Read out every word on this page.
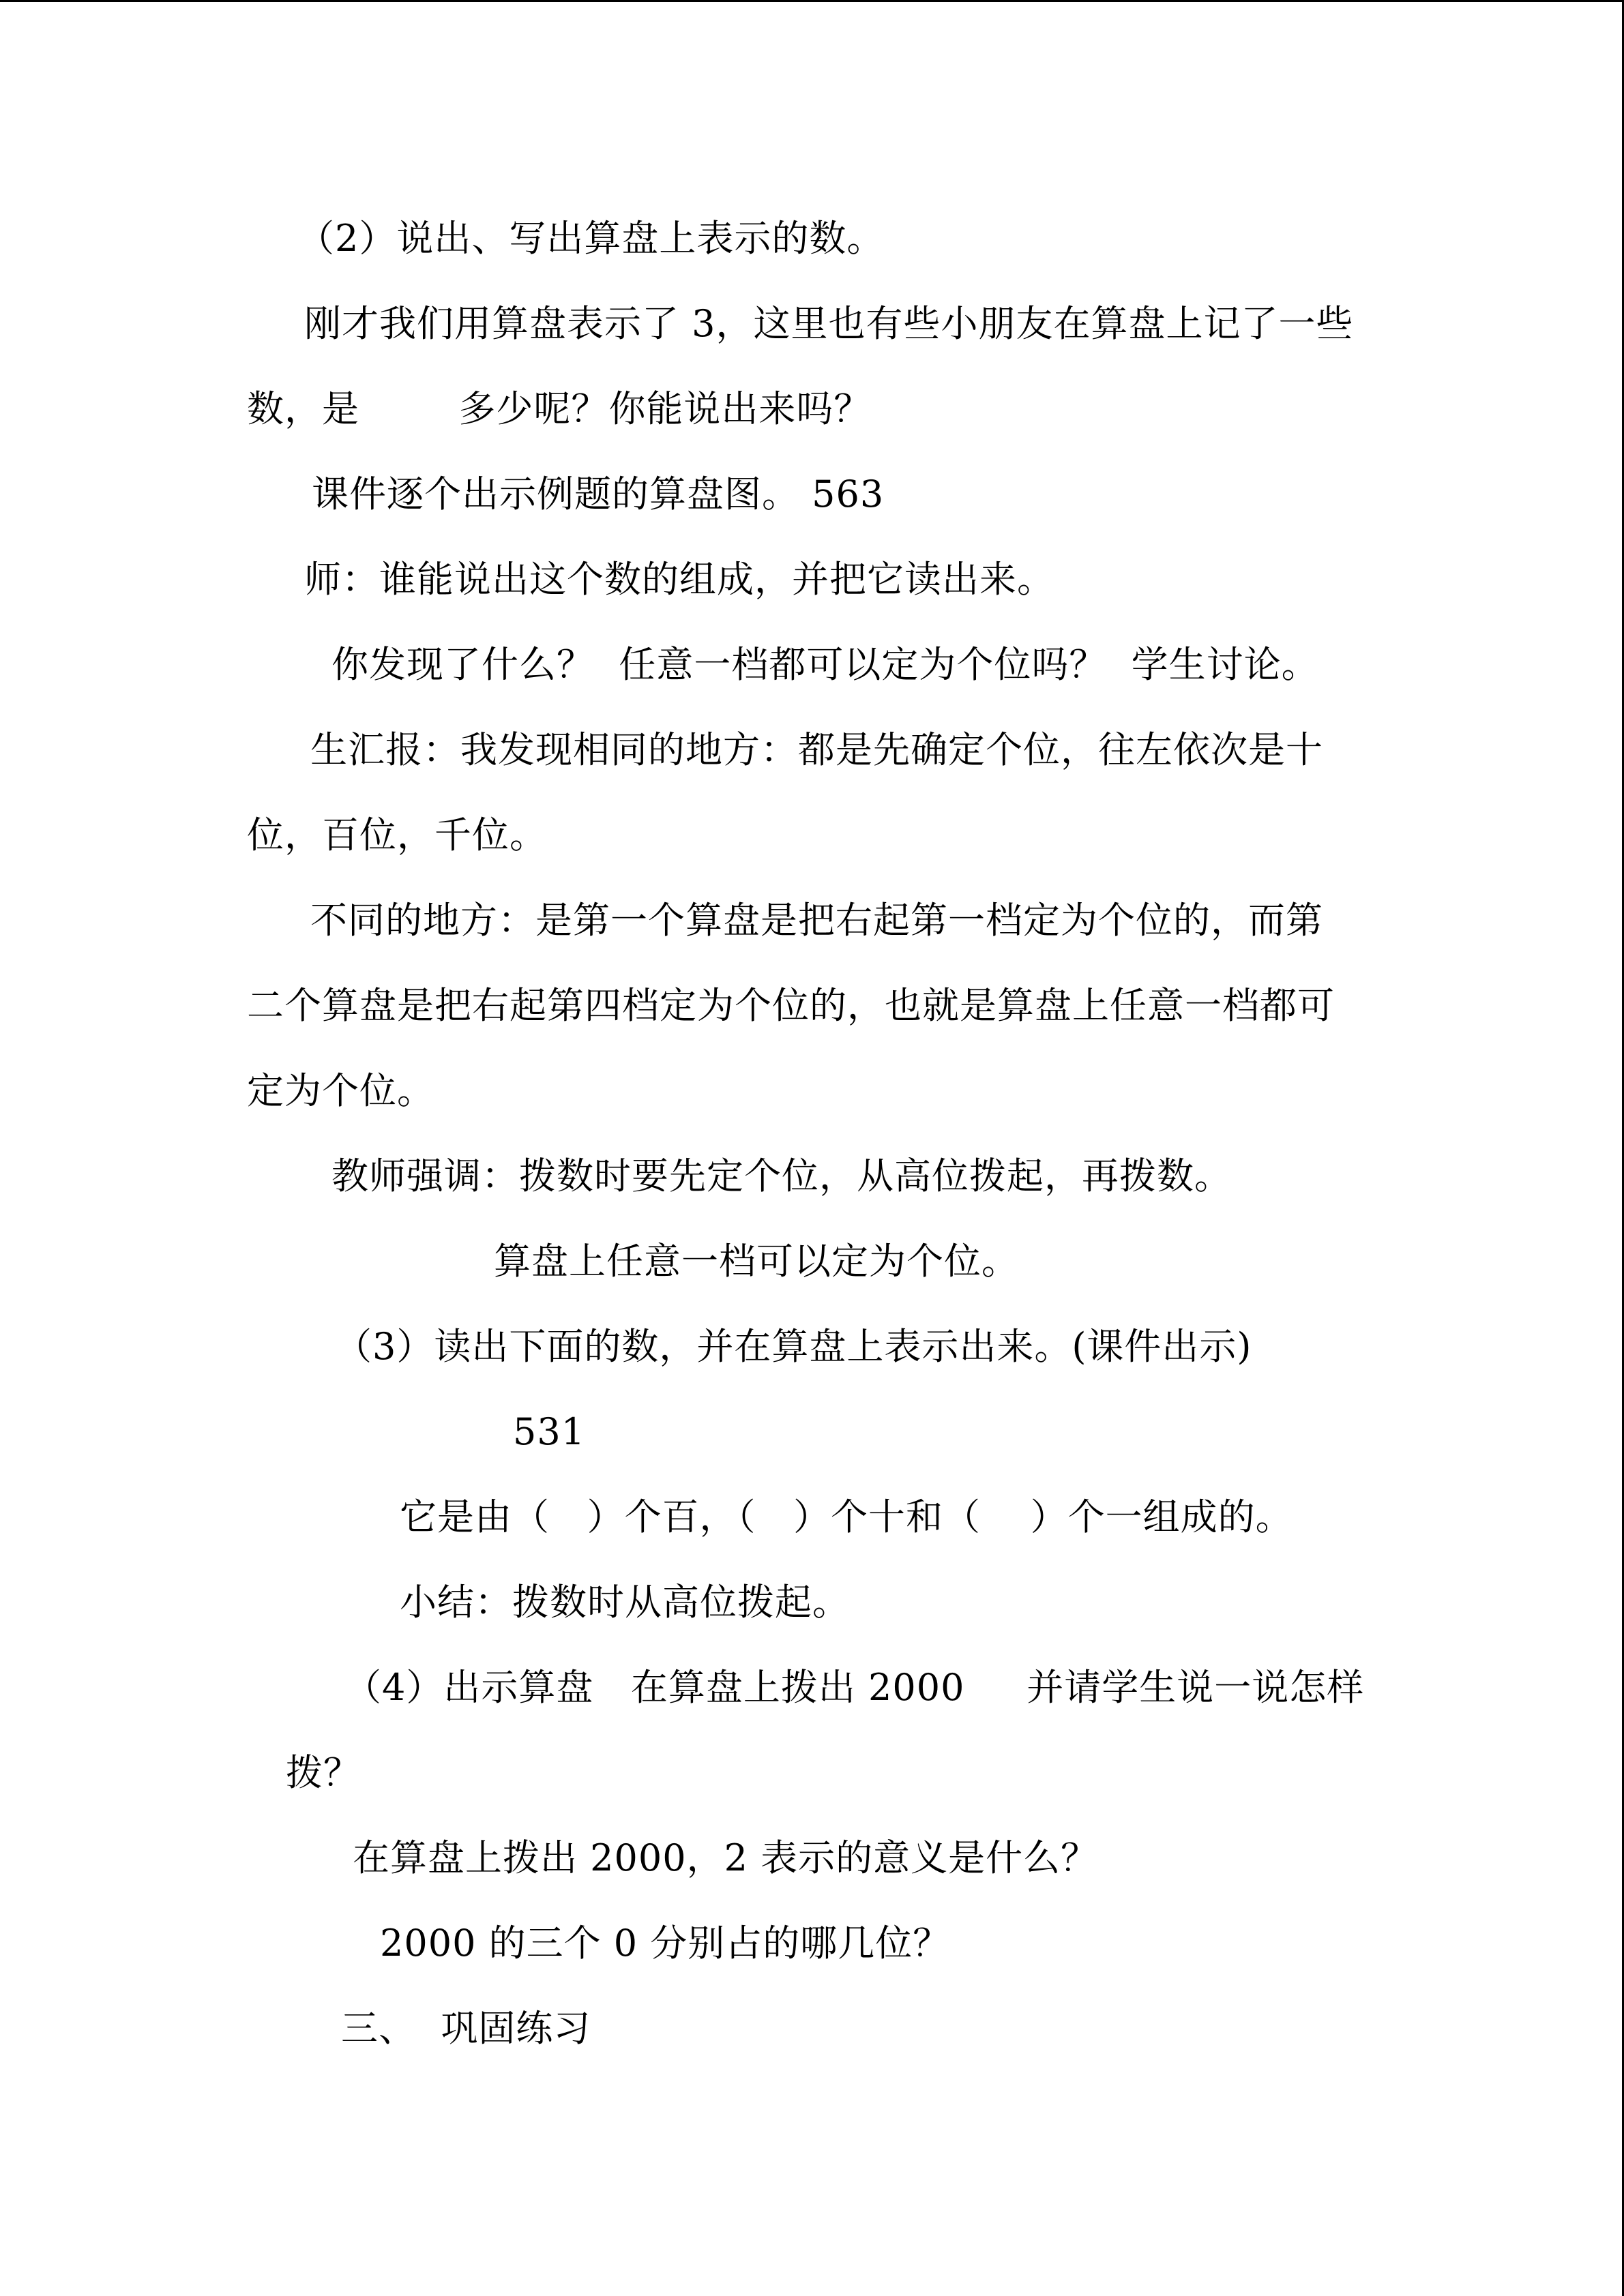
（2）说出、写出算盘上表示的数。
刚才我们用算盘表示了 3，这里也有些小朋友在算盘上记了一些
数，是        多少呢？你能说出来吗？
课件逐个出示例题的算盘图。 563
师：谁能说出这个数的组成，并把它读出来。
你发现了什么？  任意一档都可以定为个位吗？  学生讨论。
生汇报：我发现相同的地方：都是先确定个位，往左依次是十
位，百位，千位。
不同的地方：是第一个算盘是把右起第一档定为个位的，而第
二个算盘是把右起第四档定为个位的，也就是算盘上任意一档都可
定为个位。
教师强调：拨数时要先定个位，从高位拨起，再拨数。
算盘上任意一档可以定为个位。
（3）读出下面的数，并在算盘上表示出来。(课件出示)
531
它是由（   ）个百，（   ）个十和（    ）个一组成的。
小结：拨数时从高位拨起。
（4）出示算盘   在算盘上拨出 2000     并请学生说一说怎样
拨？
在算盘上拨出 2000，2 表示的意义是什么？
2000 的三个 0 分别占的哪几位？
三、  巩固练习
